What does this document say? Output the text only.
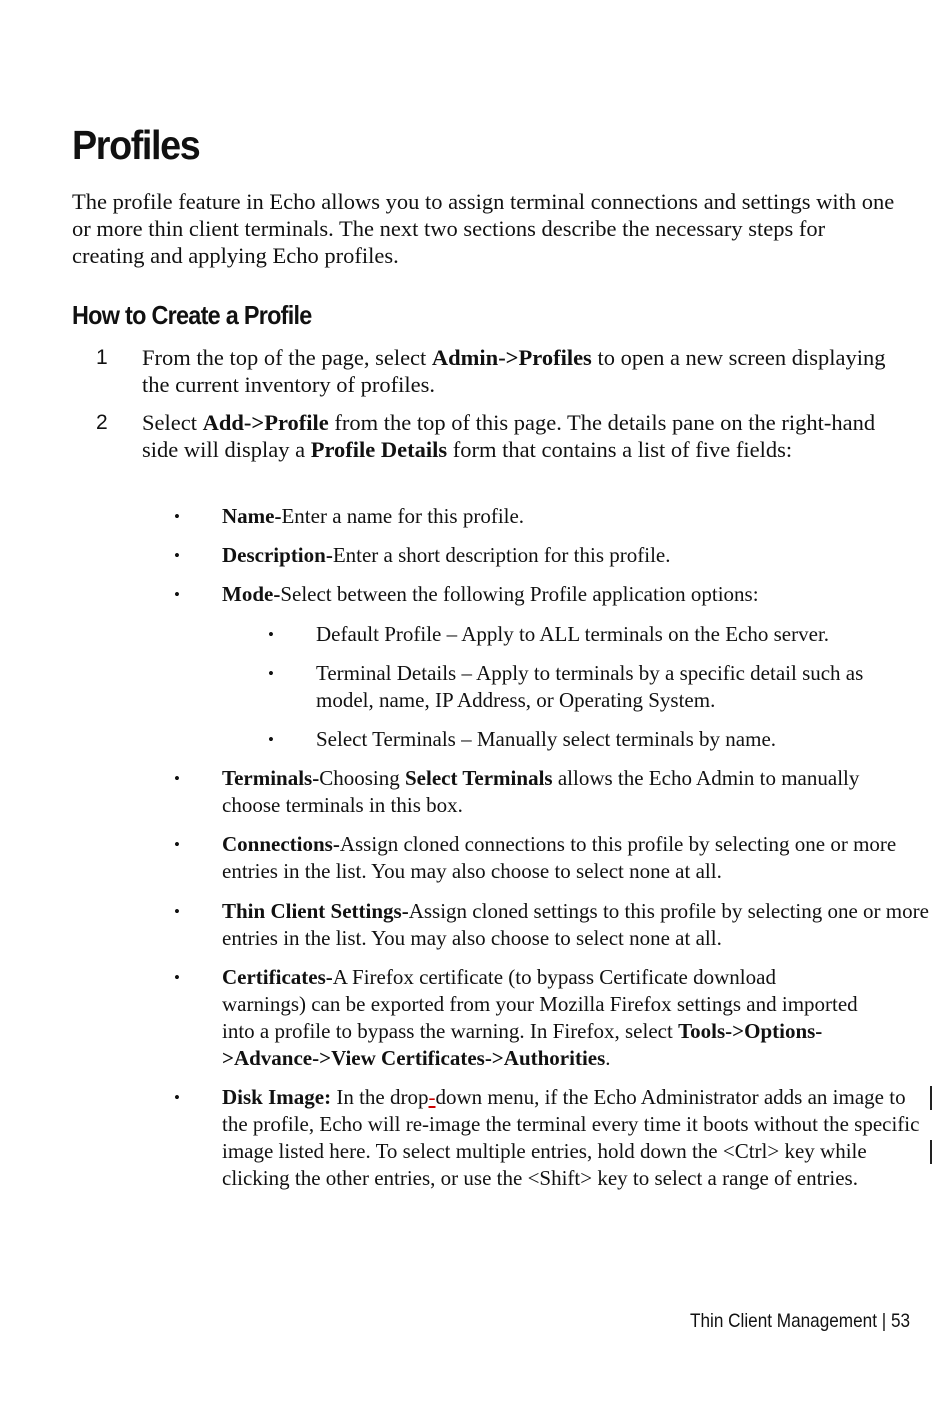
Profiles

The profile feature in Echo allows you to assign terminal connections and settings with one or more thin client terminals. The next two sections describe the necessary steps for creating and applying Echo profiles.

How to Create a Profile
1 From the top of the page, select Admin->Profiles to open a new screen displaying the current inventory of profiles.
2 Select Add->Profile from the top of this page. The details pane on the right-hand side will display a Profile Details form that contains a list of five fields:
• Name-Enter a name for this profile.
• Description-Enter a short description for this profile.
• Mode-Select between the following Profile application options:
• Default Profile – Apply to ALL terminals on the Echo server.
• Terminal Details – Apply to terminals by a specific detail such as model, name, IP Address, or Operating System.
• Select Terminals – Manually select terminals by name.
• Terminals-Choosing Select Terminals allows the Echo Admin to manually choose terminals in this box.
• Connections-Assign cloned connections to this profile by selecting one or more entries in the list. You may also choose to select none at all.
• Thin Client Settings-Assign cloned settings to this profile by selecting one or more entries in the list. You may also choose to select none at all.
• Certificates-A Firefox certificate (to bypass Certificate download warnings) can be exported from your Mozilla Firefox settings and imported into a profile to bypass the warning. In Firefox, select Tools->Options->Advance->View Certificates->Authorities.
• Disk Image: In the drop-down menu, if the Echo Administrator adds an image to the profile, Echo will re-image the terminal every time it boots without the specific image listed here. To select multiple entries, hold down the <Ctrl> key while clicking the other entries, or use the <Shift> key to select a range of entries.
Thin Client Management | 53
